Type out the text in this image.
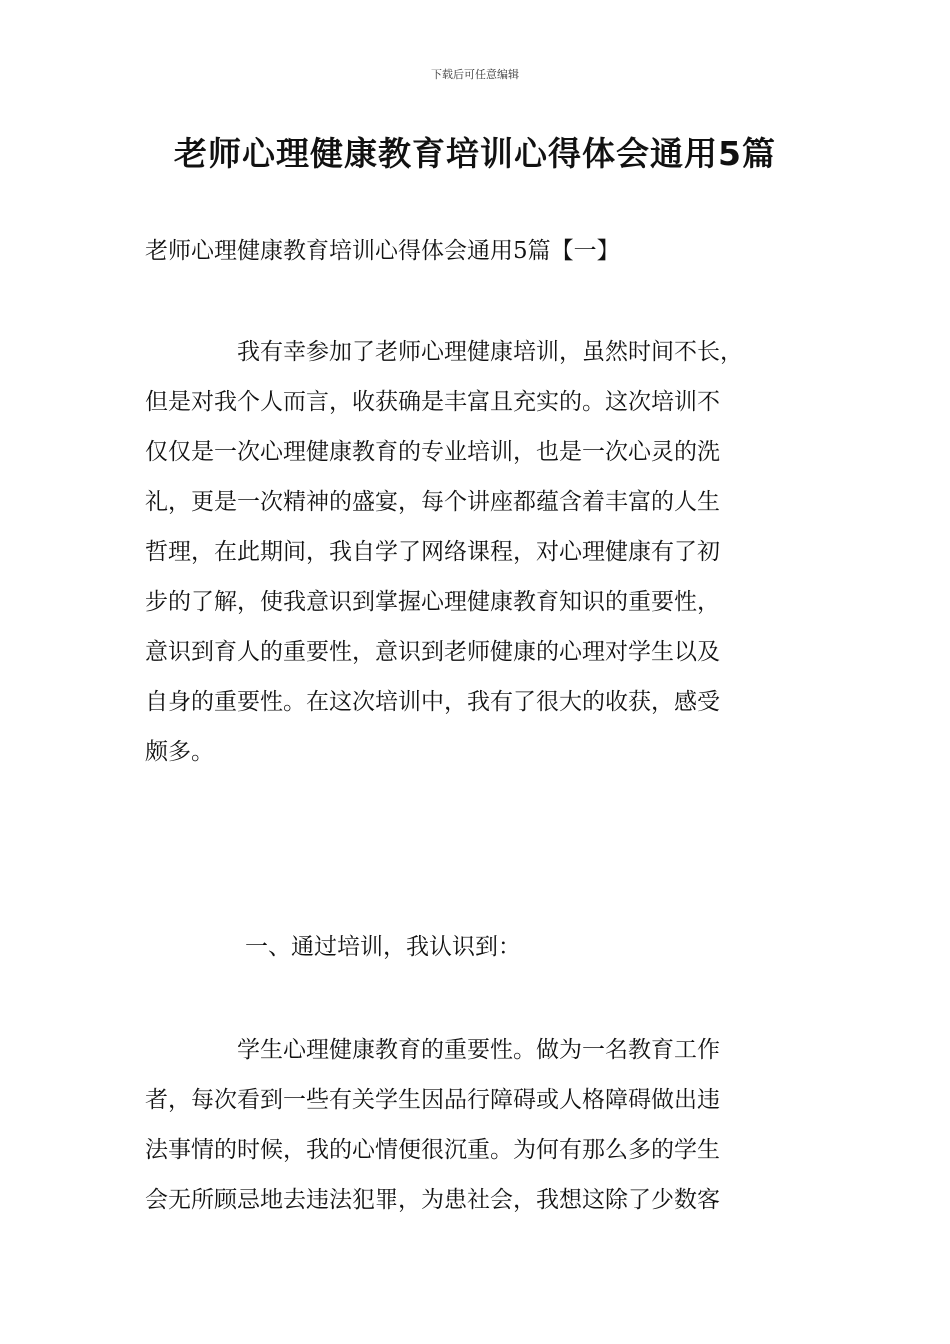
下载后可任意编辑
老师心理健康教育培训心得体会通用5篇
老师心理健康教育培训心得体会通用5篇【一】
　　　　我有幸参加了老师心理健康培训，虽然时间不长，
但是对我个人而言，收获确是丰富且充实的。这次培训不
仅仅是一次心理健康教育的专业培训，也是一次心灵的洗
礼，更是一次精神的盛宴，每个讲座都蕴含着丰富的人生
哲理，在此期间，我自学了网络课程，对心理健康有了初
步的了解，使我意识到掌握心理健康教育知识的重要性，
意识到育人的重要性，意识到老师健康的心理对学生以及
自身的重要性。在这次培训中，我有了很大的收获，感受
颇多。
一、通过培训，我认识到：
　　　　学生心理健康教育的重要性。做为一名教育工作
者，每次看到一些有关学生因品行障碍或人格障碍做出违
法事情的时候，我的心情便很沉重。为何有那么多的学生
会无所顾忌地去违法犯罪，为患社会，我想这除了少数客
